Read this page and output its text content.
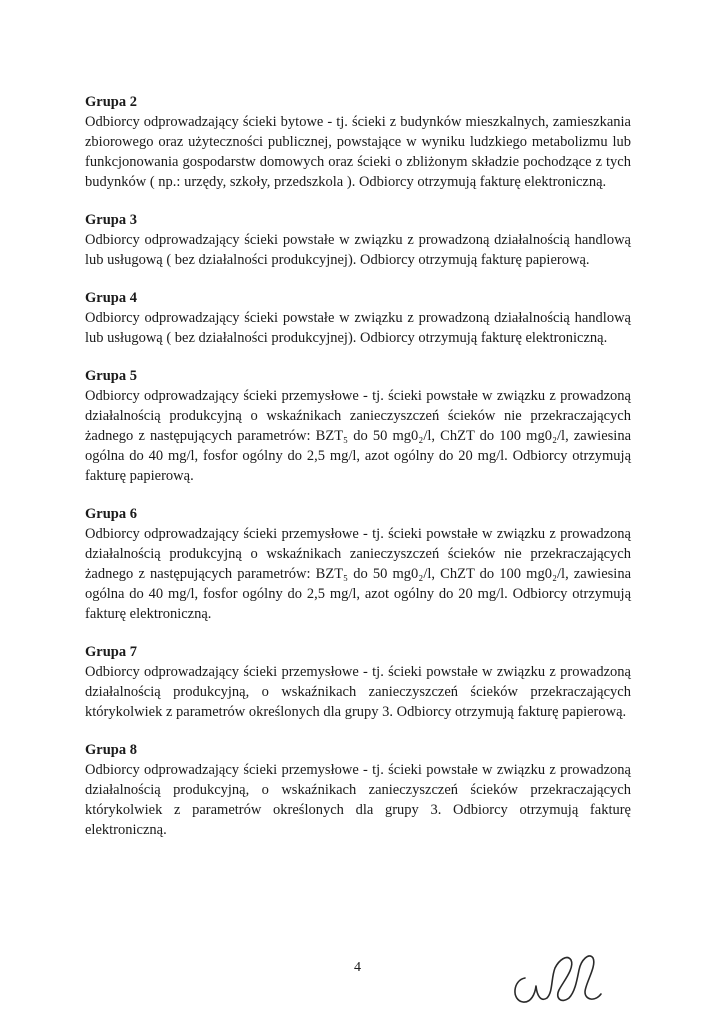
Grupa 2

Odbiorcy odprowadzający ścieki bytowe - tj. ścieki z budynków mieszkalnych, zamieszkania
zbiorowego oraz użyteczności publicznej, powstające w wyniku ludzkiego metabolizmu lub
funkcjonowania gospodarstw domowych oraz ścieki o zbliżonym składzie pochodzące z tych
budynków ( np.: urzędy, szkoły, przedszkola ). Odbiorcy otrzymują fakturę elektroniczną.

Grupa 3

Odbiorcy odprowadzający ścieki powstałe w związku z prowadzoną działalnością handlową
lub usługową ( bez działalności produkcyjnej). Odbiorcy otrzymują fakturę papierową.

Grupa 4

Odbiorcy odprowadzający ścieki powstałe w związku z prowadzoną działalnością handlową
lub usługową ( bez działalności produkcyjnej). Odbiorcy otrzymują fakturę elektroniczną.

Grupa 5

Odbiorcy odprowadzający ścieki przemysłowe - tj. ścieki powstałe w związku z prowadzoną
działalnością produkcyjną o wskaźnikach zanieczyszczeń ścieków nie przekraczających
żadnego z następujących parametrów: BZT₅ do 50 mg0₂/l, ChZT do 100 mg0₂/l, zawiesina
ogólna do 40 mg/l, fosfor ogólny do 2,5 mg/l, azot ogólny do 20 mg/l. Odbiorcy otrzymują
fakturę papierową.

Grupa 6

Odbiorcy odprowadzający ścieki przemysłowe - tj. ścieki powstałe w związku z prowadzoną
działalnością produkcyjną o wskaźnikach zanieczyszczeń ścieków nie przekraczających
żadnego z następujących parametrów: BZT₅ do 50 mg0₂/l, ChZT do 100 mg0₂/l, zawiesina
ogólna do 40 mg/l, fosfor ogólny do 2,5 mg/l, azot ogólny do 20 mg/l. Odbiorcy otrzymują
fakturę elektroniczną.

Grupa 7

Odbiorcy odprowadzający ścieki przemysłowe - tj. ścieki powstałe w związku z prowadzoną
działalnością produkcyjną, o wskaźnikach zanieczyszczeń ścieków przekraczających
którykolwiek z parametrów określonych dla grupy 3. Odbiorcy otrzymują fakturę papierową.

Grupa 8

Odbiorcy odprowadzający ścieki przemysłowe - tj. ścieki powstałe w związku z prowadzoną
działalnością produkcyjną, o wskaźnikach zanieczyszczeń ścieków przekraczających
którykolwiek z parametrów określonych dla grupy 3. Odbiorcy otrzymują fakturę
elektroniczną.
4
